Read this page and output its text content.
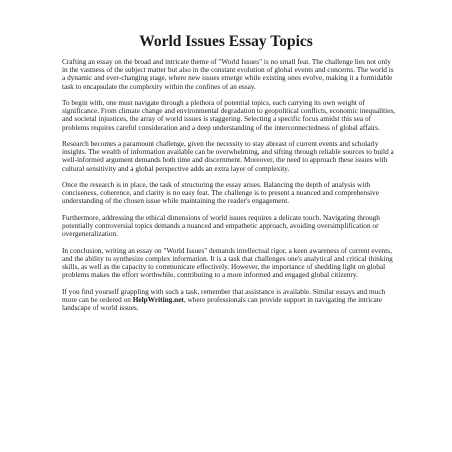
World Issues Essay Topics

Crafting an essay on the broad and intricate theme of "World Issues" is no small feat. The challenge lies not only in the vastness of the subject matter but also in the constant evolution of global events and concerns. The world is a dynamic and ever-changing stage, where new issues emerge while existing ones evolve, making it a formidable task to encapsulate the complexity within the confines of an essay.

To begin with, one must navigate through a plethora of potential topics, each carrying its own weight of significance. From climate change and environmental degradation to geopolitical conflicts, economic inequalities, and societal injustices, the array of world issues is staggering. Selecting a specific focus amidst this sea of problems requires careful consideration and a deep understanding of the interconnectedness of global affairs.

Research becomes a paramount challenge, given the necessity to stay abreast of current events and scholarly insights. The wealth of information available can be overwhelming, and sifting through reliable sources to build a well-informed argument demands both time and discernment. Moreover, the need to approach these issues with cultural sensitivity and a global perspective adds an extra layer of complexity.

Once the research is in place, the task of structuring the essay arises. Balancing the depth of analysis with conciseness, coherence, and clarity is no easy feat. The challenge is to present a nuanced and comprehensive understanding of the chosen issue while maintaining the reader's engagement.

Furthermore, addressing the ethical dimensions of world issues requires a delicate touch. Navigating through potentially controversial topics demands a nuanced and empathetic approach, avoiding oversimplification or overgeneralization.

In conclusion, writing an essay on "World Issues" demands intellectual rigor, a keen awareness of current events, and the ability to synthesize complex information. It is a task that challenges one's analytical and critical thinking skills, as well as the capacity to communicate effectively. However, the importance of shedding light on global problems makes the effort worthwhile, contributing to a more informed and engaged global citizenry.

If you find yourself grappling with such a task, remember that assistance is available. Similar essays and much more can be ordered on HelpWriting.net, where professionals can provide support in navigating the intricate landscape of world issues.
